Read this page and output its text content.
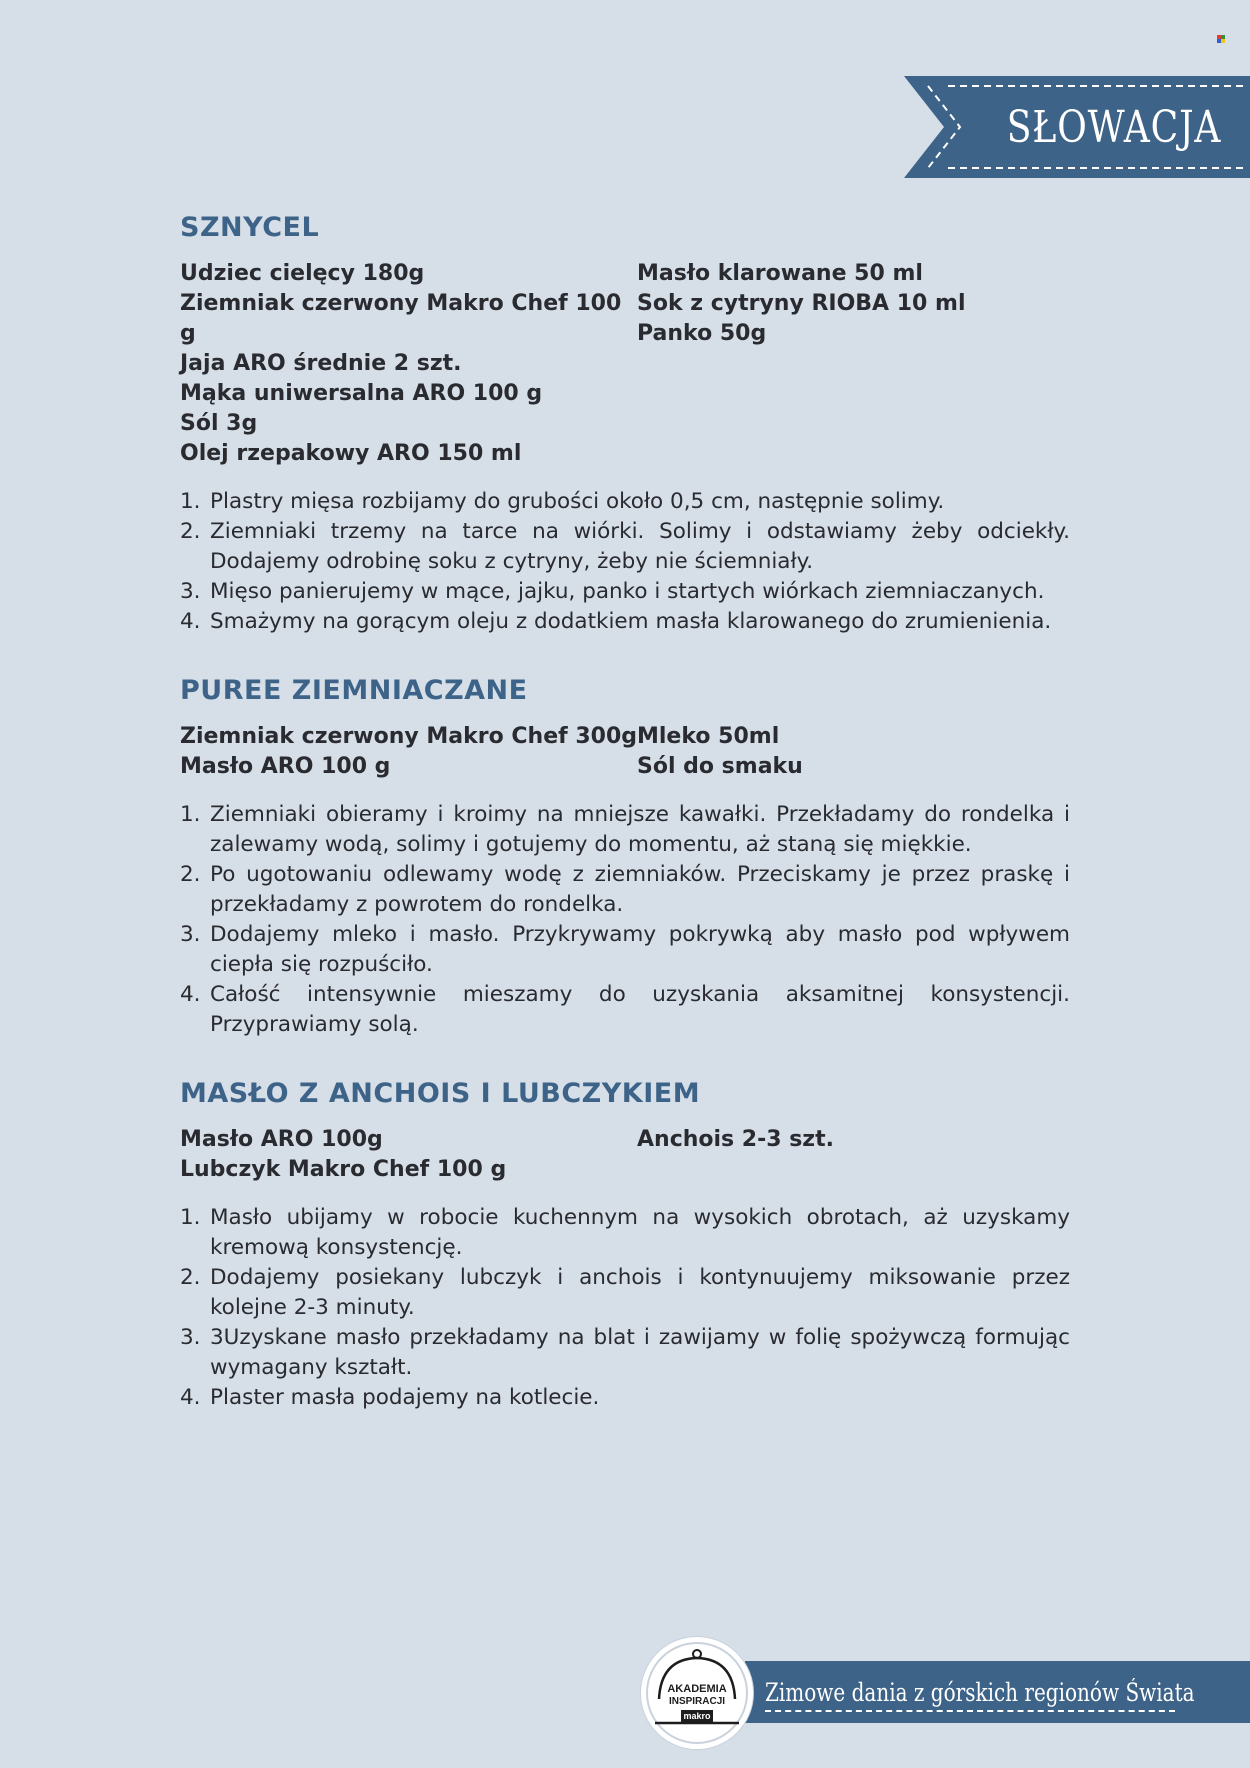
SŁOWACJA
SZNYCEL
Udziec cielęcy 180g
Ziemniak czerwony Makro Chef 100 g
Jaja ARO średnie 2 szt.
Mąka uniwersalna ARO 100 g
Sól 3g
Olej rzepakowy ARO 150 ml
Masło klarowane 50 ml
Sok z cytryny RIOBA 10 ml
Panko 50g
1. Plastry mięsa rozbijamy do grubości około 0,5 cm, następnie solimy.
2. Ziemniaki trzemy na tarce na wiórki. Solimy i odstawiamy żeby odciekły. Dodajemy odrobinę soku z cytryny, żeby nie ściemniały.
3. Mięso panierujemy w mące, jajku, panko i startych wiórkach ziemniaczanych.
4. Smażymy na gorącym oleju z dodatkiem masła klarowanego do zrumienienia.
PUREE ZIEMNIACZANE
Ziemniak czerwony Makro Chef 300g
Masło ARO 100 g
Mleko 50ml
Sól do smaku
1. Ziemniaki obieramy i kroimy na mniejsze kawałki. Przekładamy do rondelka i zalewamy wodą, solimy i gotujemy do momentu, aż staną się miękkie.
2. Po ugotowaniu odlewamy wodę z ziemniaków. Przeciskamy je przez praskę i przekładamy z powrotem do rondelka.
3. Dodajemy mleko i masło. Przykrywamy pokrywką aby masło pod wpływem ciepła się rozpuściło.
4. Całość intensywnie mieszamy do uzyskania aksamitnej konsystencji. Przyprawiamy solą.
MASŁO Z ANCHOIS I LUBCZYKIEM
Masło ARO 100g
Lubczyk Makro Chef 100 g
Anchois 2-3 szt.
1. Masło ubijamy w robocie kuchennym na wysokich obrotach, aż uzyskamy kremową konsystencję.
2. Dodajemy posiekany lubczyk i anchois i kontynuujemy miksowanie przez kolejne 2-3 minuty.
3. 3Uzyskane masło przekładamy na blat i zawijamy w folię spożywczą formując wymagany kształt.
4. Plaster masła podajemy na kotlecie.
Zimowe dania z górskich regionów Świata
AKADEMIA
INSPIRACJI
makro
